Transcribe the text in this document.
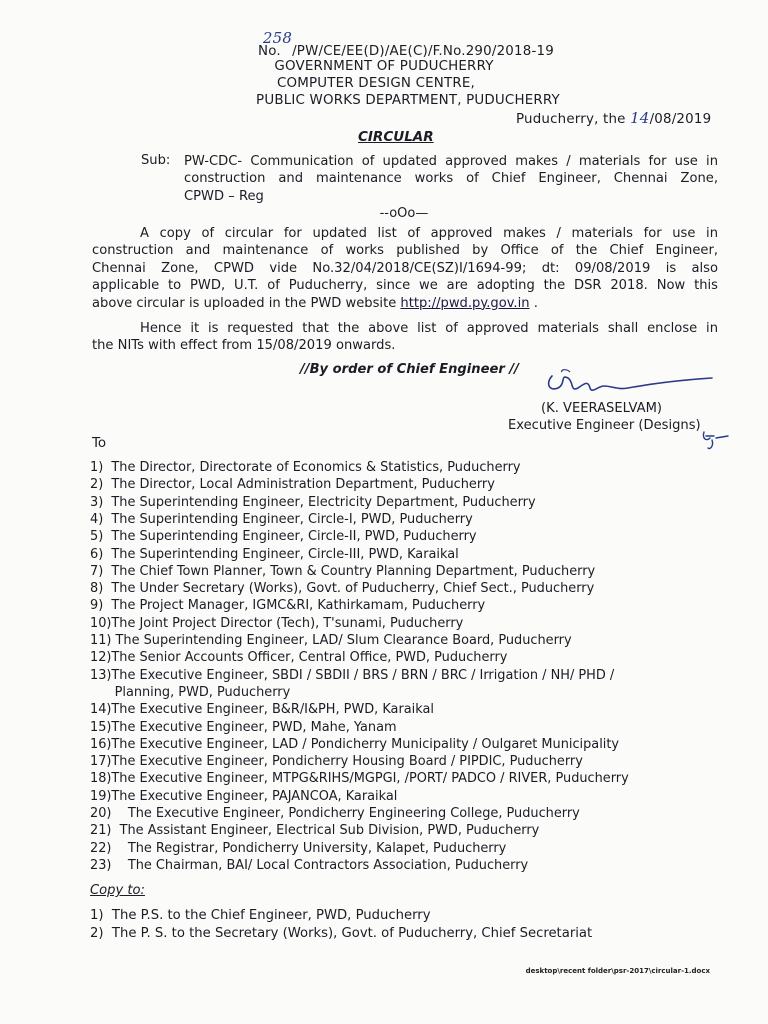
No.258/PW/CE/EE(D)/AE(C)/F.No.290/2018-19
GOVERNMENT OF PUDUCHERRY
COMPUTER DESIGN CENTRE,
PUBLIC WORKS DEPARTMENT, PUDUCHERRY
Puducherry, the 14/08/2019
CIRCULAR
Sub: PW-CDC- Communication of updated approved makes / materials for use in
construction and maintenance works of Chief Engineer, Chennai Zone,
CPWD – Reg
--oOo—
A copy of circular for updated list of approved makes / materials for use in
construction and maintenance of works published by Office of the Chief Engineer,
Chennai Zone, CPWD vide No.32/04/2018/CE(SZ)I/1694-99; dt: 09/08/2019 is also
applicable to PWD, U.T. of Puducherry, since we are adopting the DSR 2018. Now this
above circular is uploaded in the PWD website http://pwd.py.gov.in .
Hence it is requested that the above list of approved materials shall enclose in
the NITs with effect from 15/08/2019 onwards.
//By order of Chief Engineer //
(K. VEERASELVAM)
Executive Engineer (Designs)
To
1)  The Director, Directorate of Economics & Statistics, Puducherry
2)  The Director, Local Administration Department, Puducherry
3)  The Superintending Engineer, Electricity Department, Puducherry
4)  The Superintending Engineer, Circle-I, PWD, Puducherry
5)  The Superintending Engineer, Circle-II, PWD, Puducherry
6)  The Superintending Engineer, Circle-III, PWD, Karaikal
7)  The Chief Town Planner, Town & Country Planning Department, Puducherry
8)  The Under Secretary (Works), Govt. of Puducherry, Chief Sect., Puducherry
9)  The Project Manager, IGMC&RI, Kathirkamam, Puducherry
10)The Joint Project Director (Tech), T'sunami, Puducherry
11) The Superintending Engineer, LAD/ Slum Clearance Board, Puducherry
12)The Senior Accounts Officer, Central Office, PWD, Puducherry
13)The Executive Engineer, SBDI / SBDII / BRS / BRN / BRC / Irrigation / NH/ PHD /
Planning, PWD, Puducherry
14)The Executive Engineer, B&R/I&PH, PWD, Karaikal
15)The Executive Engineer, PWD, Mahe, Yanam
16)The Executive Engineer, LAD / Pondicherry Municipality / Oulgaret Municipality
17)The Executive Engineer, Pondicherry Housing Board / PIPDIC, Puducherry
18)The Executive Engineer, MTPG&RIHS/MGPGI, /PORT/ PADCO / RIVER, Puducherry
19)The Executive Engineer, PAJANCOA, Karaikal
20)    The Executive Engineer, Pondicherry Engineering College, Puducherry
21)  The Assistant Engineer, Electrical Sub Division, PWD, Puducherry
22)    The Registrar, Pondicherry University, Kalapet, Puducherry
23)    The Chairman, BAI/ Local Contractors Association, Puducherry
Copy to:
1)  The P.S. to the Chief Engineer, PWD, Puducherry
2)  The P. S. to the Secretary (Works), Govt. of Puducherry, Chief Secretariat
desktop\recent folder\psr-2017\circular-1.docx
